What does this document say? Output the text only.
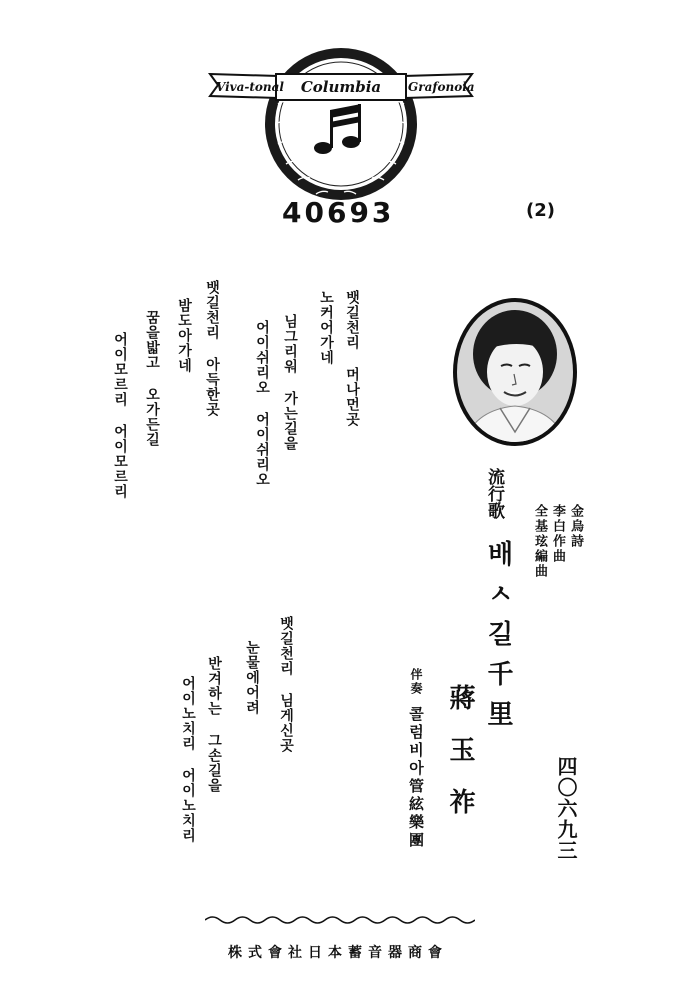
Viva-tonal Columbia Grafonola
40693	(2)
뱃길천리 머나먼곳
노커어가네
님그리워 가는길을
어이쉬리오 어이쉬리오
뱃길천리 아득한곳
밤도아가네
꿈을밟고 오가든길
어이모르리 어이모르리
뱃길천리 님게신곳
눈물에어려
반겨하는 그손길을
어이노치리 어이노치리
流行歌
배ㅅ길千里
金烏詩
李白作曲
全基玹編曲
蔣玉祚
伴奏
콜럼비아管絃樂團	四〇六九三
株式會社日本蓄音器商會
